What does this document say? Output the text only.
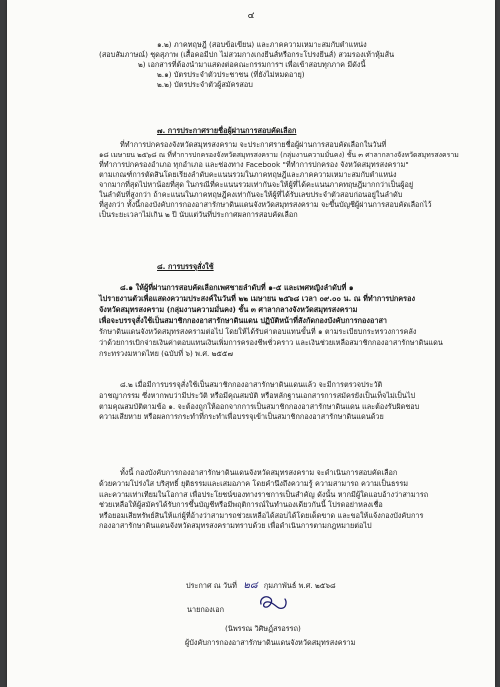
๔
๑.๒) ภาคทฤษฎี (สอบข้อเขียน) และภาคความเหมาะสมกับตำแหน่ง
(สอบสัมภาษณ์) ชุดสุภาพ (เสื้อคอมีปก ไม่สวมกางเกงยีนส์หรือกระโปรงยีนส์) สวมรองเท้าหุ้มส้น
๒) เอกสารที่ต้องนำมาแสดงต่อคณะกรรมการฯ เพื่อเข้าสอบทุกภาค มีดังนี้
๒.๑) บัตรประจำตัวประชาชน (ที่ยังไม่หมดอายุ)
๒.๒) บัตรประจำตัวผู้สมัครสอบ
๗. การประกาศรายชื่อผู้ผ่านการสอบคัดเลือก
ที่ทำการปกครองจังหวัดสมุทรสงคราม จะประกาศรายชื่อผู้ผ่านการสอบคัดเลือกในวันที่
๑๘ เมษายน ๒๕๖๘ ณ ที่ทำการปกครองจังหวัดสมุทรสงคราม (กลุ่มงานความมั่นคง) ชั้น ๓ ศาลากลางจังหวัดสมุทรสงคราม
ที่ทำการปกครองอำเภอ ทุกอำเภอ และช่องทาง Facebook "ที่ทำการปกครอง จังหวัดสมุทรสงคราม"
ตามเกณฑ์การตัดสินโดยเรียงลำดับคะแนนรวมในภาคทฤษฎีและภาคความเหมาะสมกับตำแหน่ง
จากมากที่สุดไปหาน้อยที่สุด ในกรณีที่คะแนนรวมเท่ากันจะให้ผู้ที่ได้คะแนนภาคทฤษฎีมากกว่าเป็นผู้อยู่
ในลำดับที่สูงกว่า ถ้าคะแนนในภาคทฤษฎีคงเท่ากันจะให้ผู้ที่ได้รับเลขประจำตัวสอบก่อนอยู่ในลำดับ
ที่สูงกว่า ทั้งนี้กองบังคับการกองอาสารักษาดินแดนจังหวัดสมุทรสงคราม จะขึ้นบัญชีผู้ผ่านการสอบคัดเลือกไว้
เป็นระยะเวลาไม่เกิน ๒ ปี นับแต่วันที่ประกาศผลการสอบคัดเลือก
๘. การบรรจุสั่งใช้
๘.๑ ให้ผู้ที่ผ่านการสอบคัดเลือกเพศชายลำดับที่ ๑-๕ และเพศหญิงลำดับที่ ๑
ไปรายงานตัวเพื่อแสดงความประสงค์ในวันที่ ๒๒ เมษายน ๒๕๖๘ เวลา ๐๙.๐๐ น. ณ ที่ทำการปกครอง
จังหวัดสมุทรสงคราม (กลุ่มงานความมั่นคง) ชั้น ๓ ศาลากลางจังหวัดสมุทรสงคราม
เพื่อจะบรรจุสั่งใช้เป็นสมาชิกกองอาสารักษาดินแดน ปฏิบัติหน้าที่สังกัดกองบังคับการกองอาสา
รักษาดินแดนจังหวัดสมุทรสงครามต่อไป โดยให้ได้รับค่าตอบแทนขั้นที่ ๑ ตามระเบียบกระทรวงการคลัง
ว่าด้วยการเบิกจ่ายเงินค่าตอบแทนเงินเพิ่มการครองชีพชั่วคราว และเงินช่วยเหลือสมาชิกกองอาสารักษาดินแดน
กระทรวงมหาดไทย (ฉบับที่ ๖) พ.ศ. ๒๕๕๗
๘.๒ เมื่อมีการบรรจุสั่งใช้เป็นสมาชิกกองอาสารักษาดินแดนแล้ว จะมีการตรวจประวัติ
อาชญากรรม ซึ่งหากพบว่ามีประวัติ หรือมีคุณสมบัติ หรือหลักฐานเอกสารการสมัครยังเป็นเท็จไม่เป็นไป
ตามคุณสมบัติตามข้อ ๑. จะต้องถูกให้ออกจากการเป็นสมาชิกกองอาสารักษาดินแดน และต้องรับผิดชอบ
ความเสียหาย หรือผลการกระทำที่กระทำเพื่อบรรจุเข้าเป็นสมาชิกกองอาสารักษาดินแดนด้วย
ทั้งนี้ กองบังคับการกองอาสารักษาดินแดนจังหวัดสมุทรสงคราม จะดำเนินการสอบคัดเลือก
ด้วยความโปร่งใส บริสุทธิ์ ยุติธรรมและเสมอภาค โดยคำนึงถึงความรู้ ความสามารถ ความเป็นธรรม
และความเท่าเทียมในโอกาส เพื่อประโยชน์ของทางราชการเป็นสำคัญ ดังนั้น หากมีผู้ใดแอบอ้างว่าสามารถ
ช่วยเหลือให้ผู้สมัครได้รับการขึ้นบัญชีหรือมีพฤติการณ์ในทำนองเดียวกันนี้ โปรดอย่าหลงเชื่อ
หรือยอมเสียทรัพย์สินให้แก่ผู้ที่อ้างว่าสามารถช่วยเหลือได้สอบได้โดยเด็ดขาด และขอให้แจ้งกองบังคับการ
กองอาสารักษาดินแดนจังหวัดสมุทรสงครามทราบด้วย เพื่อดำเนินการตามกฎหมายต่อไป
ประกาศ ณ วันที่ ๒๘ กุมภาพันธ์ พ.ศ. ๒๕๖๘
นายกองเอก
(นิพรรณ วิศิษฏ์สรอรรถ)
ผู้บังคับการกองอาสารักษาดินแดนจังหวัดสมุทรสงคราม
